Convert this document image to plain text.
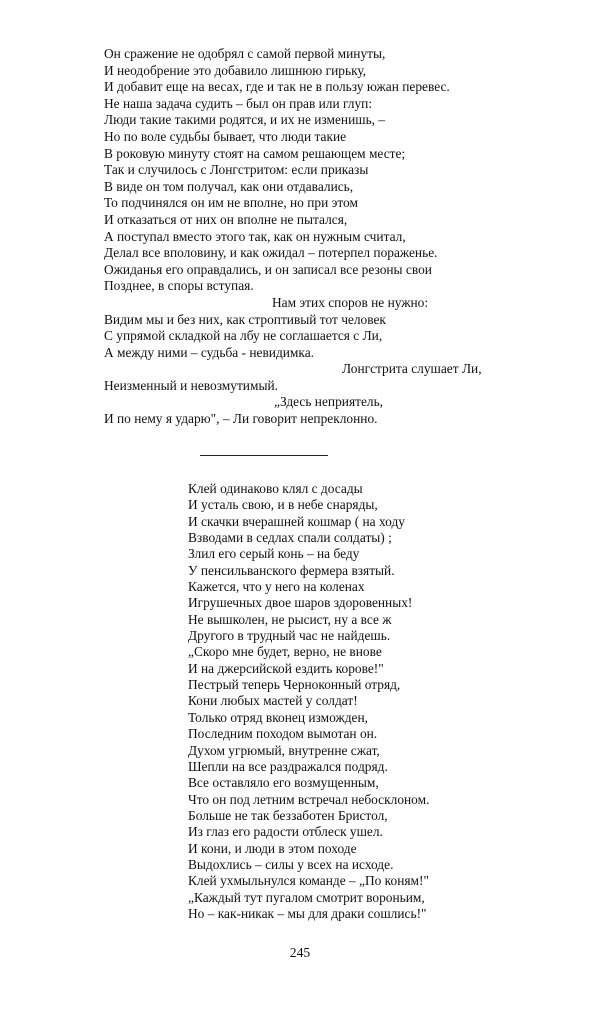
Он сражение не одобрял с самой первой минуты,
И неодобрение это добавило лишнюю гирьку,
И добавит еще на весах, где и так не в пользу южан перевес.
Не наша задача судить – был он прав или глуп:
Люди такие такими родятся, и их не изменишь, –
Но по воле судьбы бывает, что люди такие
В роковую минуту стоят на самом решающем месте;
Так и случилось с Лонгстритом: если приказы
В виде он том получал, как они отдавались,
То подчинялся он им не вполне, но при этом
И отказаться от них он вполне не пытался,
А поступал вместо этого так, как он нужным считал,
Делал все вполовину, и как ожидал – потерпел пораженье.
Ожиданья его оправдались, и он записал все резоны свои
Позднее, в споры вступая.
Нам этих споров не нужно:
Видим мы и без них, как строптивый тот человек
С упрямой складкой на лбу не соглашается с Ли,
А между ними – судьба - невидимка.
Лонгстрита слушает Ли,
Неизменный и невозмутимый.
„Здесь неприятель,
И по нему я ударю", – Ли говорит непреклонно.
Клей одинаково клял с досады
И усталь свою, и в небе снаряды,
И скачки вчерашней кошмар ( на ходу
Взводами в седлах спали солдаты) ;
Злил его серый конь – на беду
У пенсильванского фермера взятый.
Кажется, что у него на коленах
Игрушечных двое шаров здоровенных!
Не вышколен, не рысист, ну а все ж
Другого в трудный час не найдешь.
„Скоро мне будет, верно, не внове
И на джерсийской ездить корове!"
Пестрый теперь Черноконный отряд,
Кони любых мастей у солдат!
Только отряд вконец изможден,
Последним походом вымотан он.
Духом угрюмый, внутренне сжат,
Шепли на все раздражался подряд.
Все оставляло его возмущенным,
Что он под летним встречал небосклоном.
Больше не так беззаботен Бристол,
Из глаз его радости отблеск ушел.
И кони, и люди в этом походе
Выдохлись – силы у всех на исходе.
Клей ухмыльнулся команде – „По коням!"
„Каждый тут пугалом смотрит вороньим,
Но – как-никак – мы для драки сошлись!"
245
